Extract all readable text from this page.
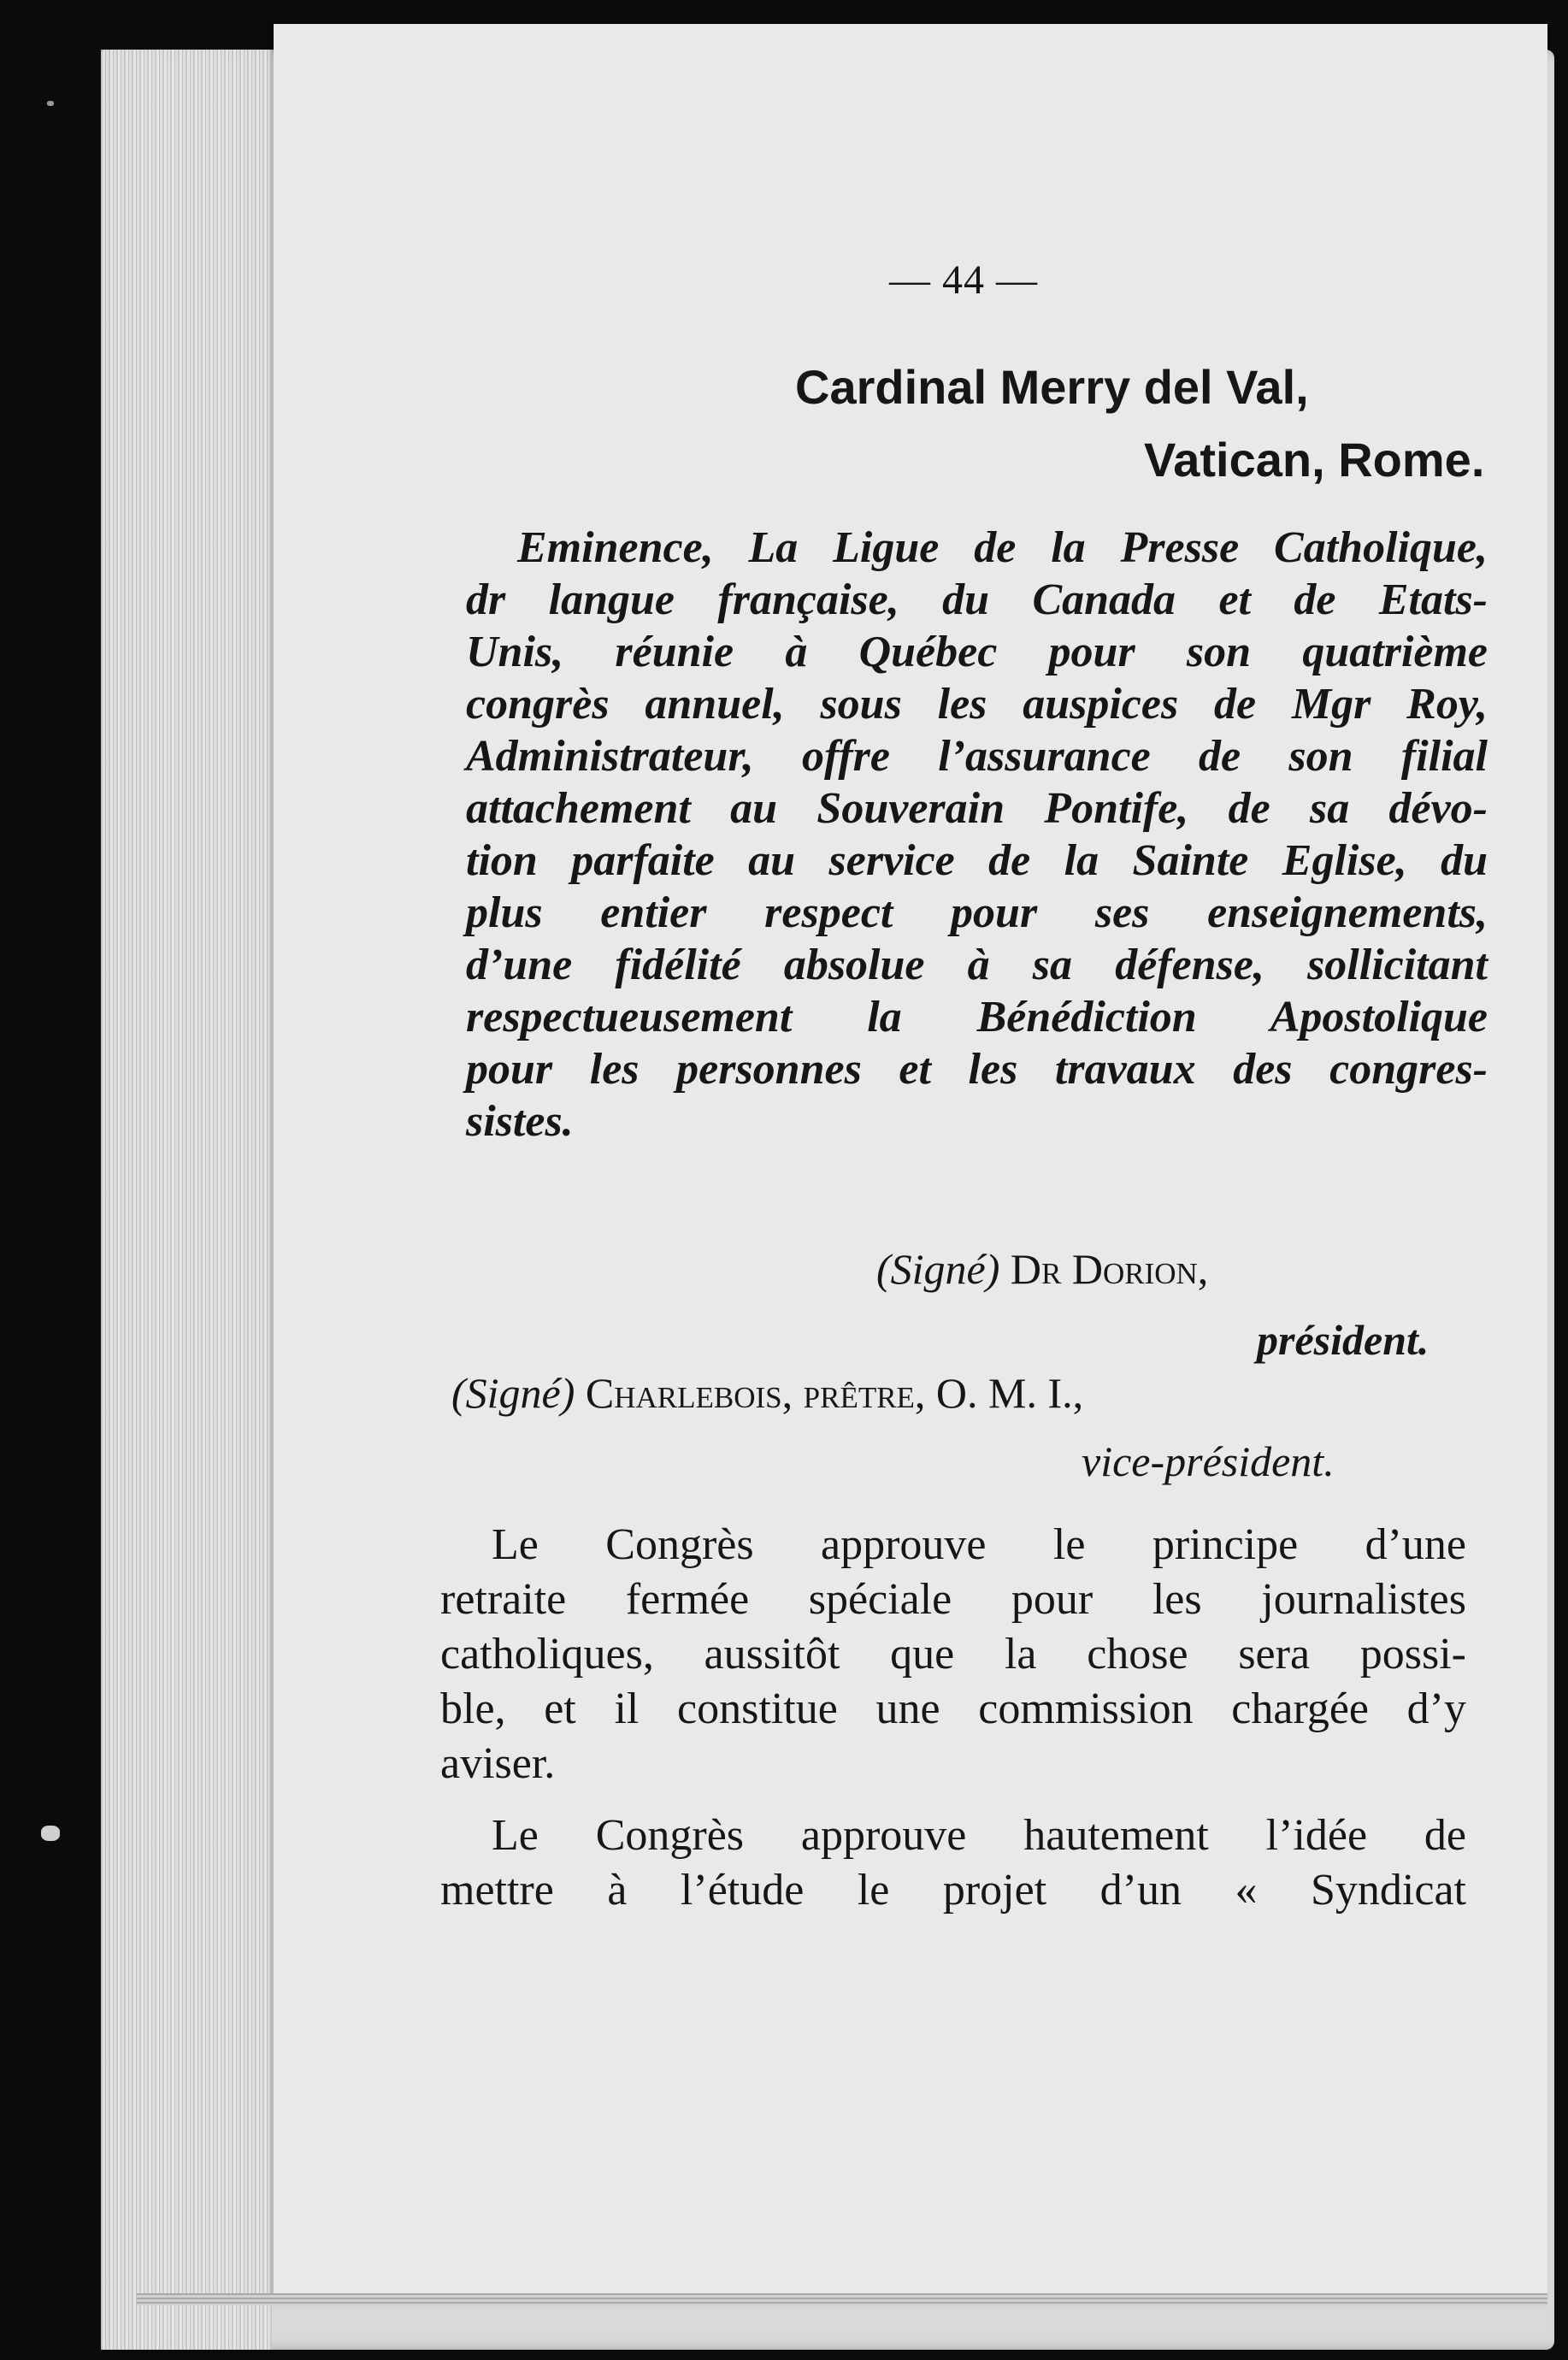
— 44 —
Cardinal Merry del Val,
Vatican, Rome.
Eminence, La Ligue de la Presse Catholique,
dr langue française, du Canada et de Etats-
Unis, réunie à Québec pour son quatrième
congrès annuel, sous les auspices de Mgr Roy,
Administrateur, offre l’assurance de son filial
attachement au Souverain Pontife, de sa dévo-
tion parfaite au service de la Sainte Eglise, du
plus entier respect pour ses enseignements,
d’une fidélité absolue à sa défense, sollicitant
respectueusement la Bénédiction Apostolique
pour les personnes et les travaux des congres-
sistes.
(Signé) Dr Dorion,
président.
(Signé) Charlebois, prêtre, O. M. I.,
vice-président.
Le Congrès approuve le principe d’une
retraite fermée spéciale pour les journalistes
catholiques, aussitôt que la chose sera possi-
ble, et il constitue une commission chargée d’y
aviser.
Le Congrès approuve hautement l’idée de
mettre à l’étude le projet d’un « Syndicat
